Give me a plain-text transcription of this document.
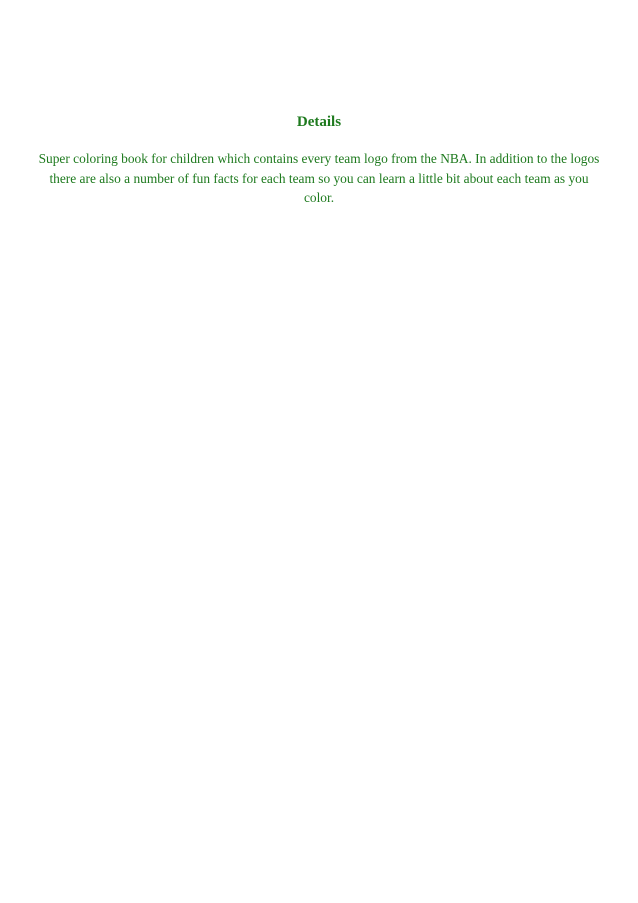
Details

Super coloring book for children which contains every team logo from the NBA. In addition to the logos there are also a number of fun facts for each team so you can learn a little bit about each team as you color.
